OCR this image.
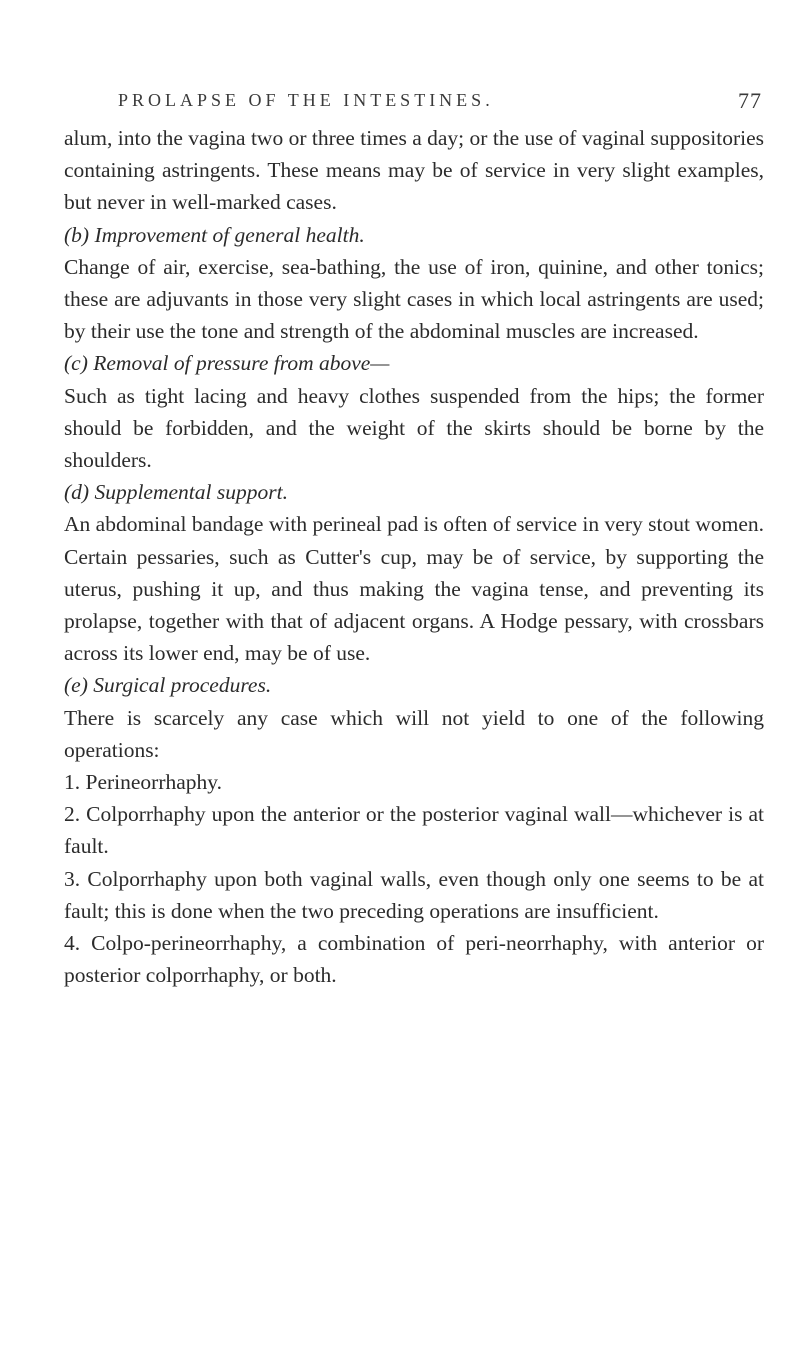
PROLAPSE OF THE INTESTINES.	77

alum, into the vagina two or three times a day; or the use of vaginal suppositories containing astringents. These means may be of service in very slight examples, but never in well-marked cases.

(b) Improvement of general health.

Change of air, exercise, sea-bathing, the use of iron, quinine, and other tonics; these are adjuvants in those very slight cases in which local astringents are used; by their use the tone and strength of the abdominal muscles are increased.

(c) Removal of pressure from above—

Such as tight lacing and heavy clothes suspended from the hips; the former should be forbidden, and the weight of the skirts should be borne by the shoulders.

(d) Supplemental support.

An abdominal bandage with perineal pad is often of service in very stout women. Certain pessaries, such as Cutter's cup, may be of service, by supporting the uterus, pushing it up, and thus making the vagina tense, and preventing its prolapse, together with that of adjacent organs. A Hodge pessary, with crossbars across its lower end, may be of use.

(e) Surgical procedures.

There is scarcely any case which will not yield to one of the following operations:

1. Perineorrhaphy.

2. Colporrhaphy upon the anterior or the posterior vaginal wall—whichever is at fault.

3. Colporrhaphy upon both vaginal walls, even though only one seems to be at fault; this is done when the two preceding operations are insufficient.

4. Colpo-perineorrhaphy, a combination of peri-neorrhaphy, with anterior or posterior colporrhaphy, or both.
